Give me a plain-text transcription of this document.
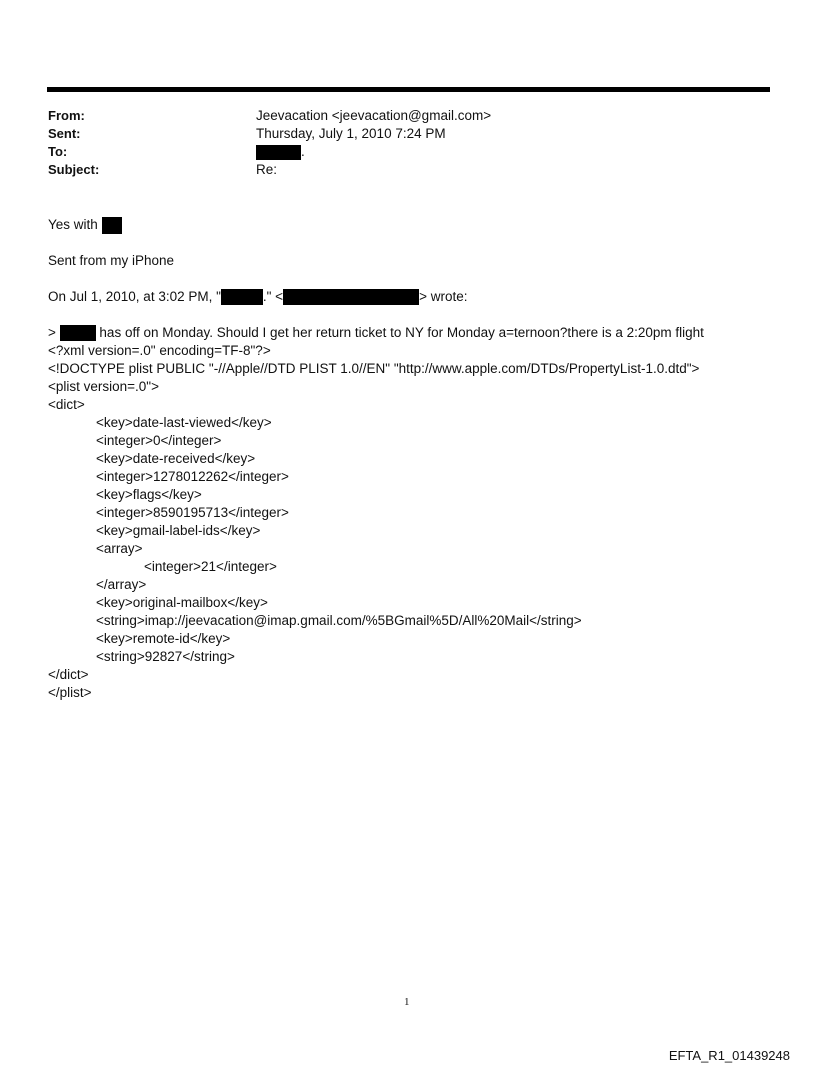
From:	Jeevacation <jeevacation@gmail.com>
Sent:	Thursday, July 1, 2010 7:24 PM
To:	.
Subject:	Re:
Yes with
Sent from my iPhone
On Jul 1, 2010, at 3:02 PM, "	." <	> wrote:
>	has off on Monday. Should I get her return ticket to NY for Monday a=ternoon?there is a 2:20pm flight
<?xml version=.0" encoding=TF-8"?>
<!DOCTYPE plist PUBLIC "-//Apple//DTD PLIST 1.0//EN" "http://www.apple.com/DTDs/PropertyList-1.0.dtd">
<plist version=.0">
<dict>
<key>date-last-viewed</key>
<integer>0</integer>
<key>date-received</key>
<integer>1278012262</integer>
<key>flags</key>
<integer>8590195713</integer>
<key>gmail-label-ids</key>
<array>
<integer>21</integer>
</array>
<key>original-mailbox</key>
<string>imap://jeevacation@imap.gmail.com/%5BGmail%5D/All%20Mail</string>
<key>remote-id</key>
<string>92827</string>
</dict>
</plist>
1
EFTA_R1_01439248
